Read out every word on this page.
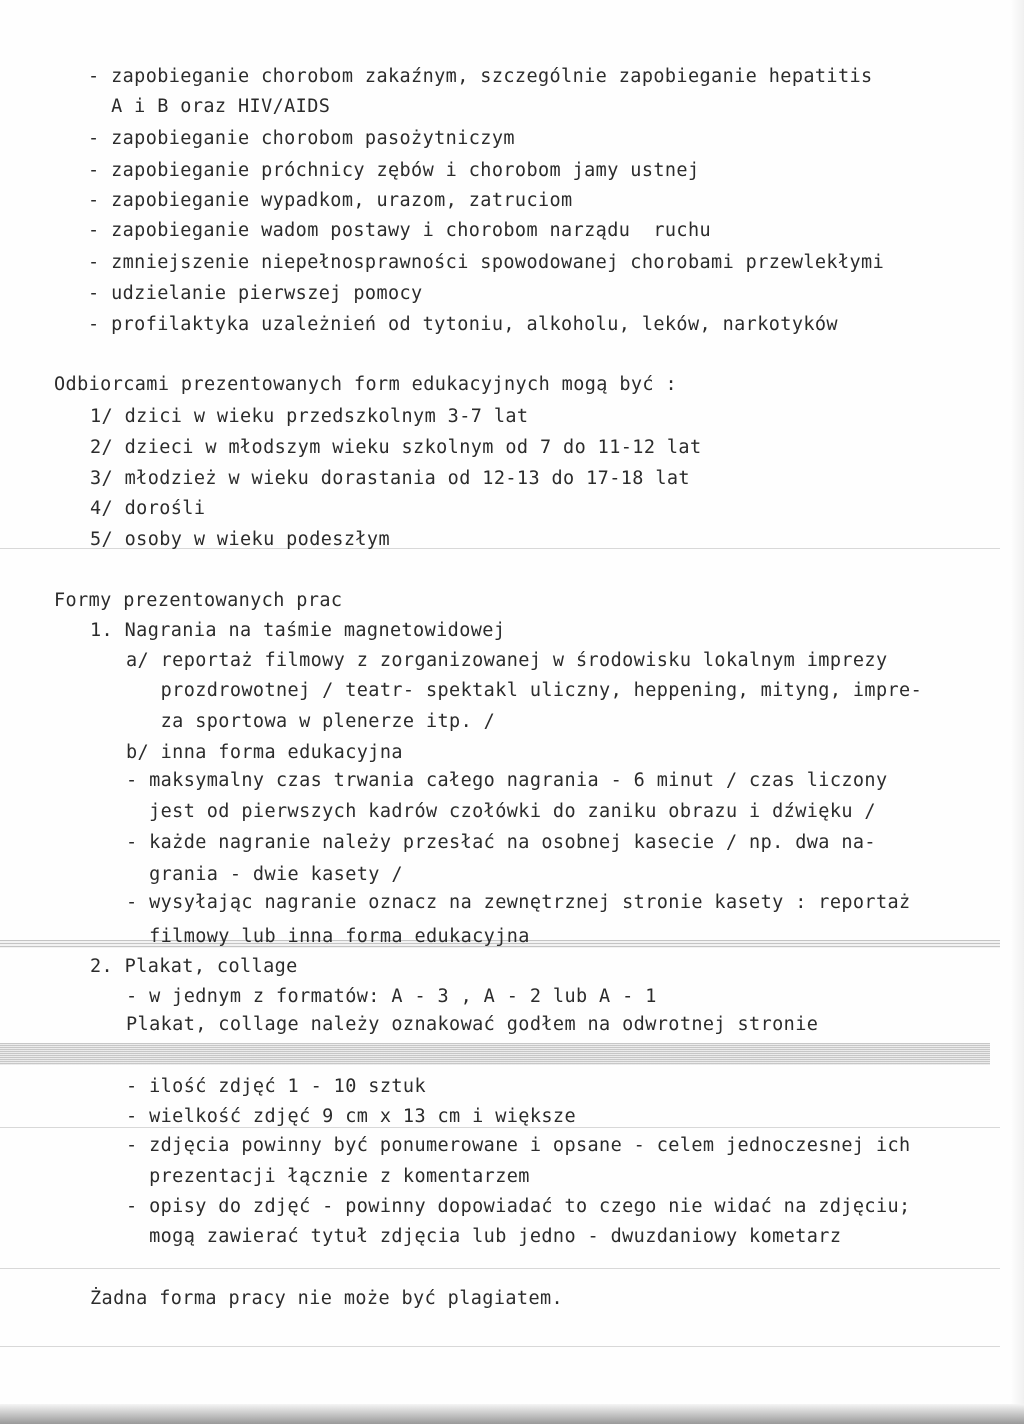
- zapobieganie chorobom zakaźnym, szczególnie zapobieganie hepatitis
A i B oraz HIV/AIDS
- zapobieganie chorobom pasożytniczym
- zapobieganie próchnicy zębów i chorobom jamy ustnej
- zapobieganie wypadkom, urazom, zatruciom
- zapobieganie wadom postawy i chorobom narządu  ruchu
- zmniejszenie niepełnosprawności spowodowanej chorobami przewlekłymi
- udzielanie pierwszej pomocy
- profilaktyka uzależnień od tytoniu, alkoholu, leków, narkotyków
Odbiorcami prezentowanych form edukacyjnych mogą być :
1/ dzici w wieku przedszkolnym 3-7 lat
2/ dzieci w młodszym wieku szkolnym od 7 do 11-12 lat
3/ młodzież w wieku dorastania od 12-13 do 17-18 lat
4/ dorośli
5/ osoby w wieku podeszłym
Formy prezentowanych prac
1. Nagrania na taśmie magnetowidowej
a/ reportaż filmowy z zorganizowanej w środowisku lokalnym imprezy
prozdrowotnej / teatr- spektakl uliczny, heppening, mityng, impre-
za sportowa w plenerze itp. /
b/ inna forma edukacyjna
- maksymalny czas trwania całego nagrania - 6 minut / czas liczony
jest od pierwszych kadrów czołówki do zaniku obrazu i dźwięku /
- każde nagranie należy przesłać na osobnej kasecie / np. dwa na-
grania - dwie kasety /
- wysyłając nagranie oznacz na zewnętrznej stronie kasety : reportaż
filmowy lub inna forma edukacyjna
2. Plakat, collage
- w jednym z formatów: A - 3 , A - 2 lub A - 1
Plakat, collage należy oznakować godłem na odwrotnej stronie
- ilość zdjęć 1 - 10 sztuk
- wielkość zdjęć 9 cm x 13 cm i większe
- zdjęcia powinny być ponumerowane i opsane - celem jednoczesnej ich
prezentacji łącznie z komentarzem
- opisy do zdjęć - powinny dopowiadać to czego nie widać na zdjęciu;
mogą zawierać tytuł zdjęcia lub jedno - dwuzdaniowy kometarz
Żadna forma pracy nie może być plagiatem.
